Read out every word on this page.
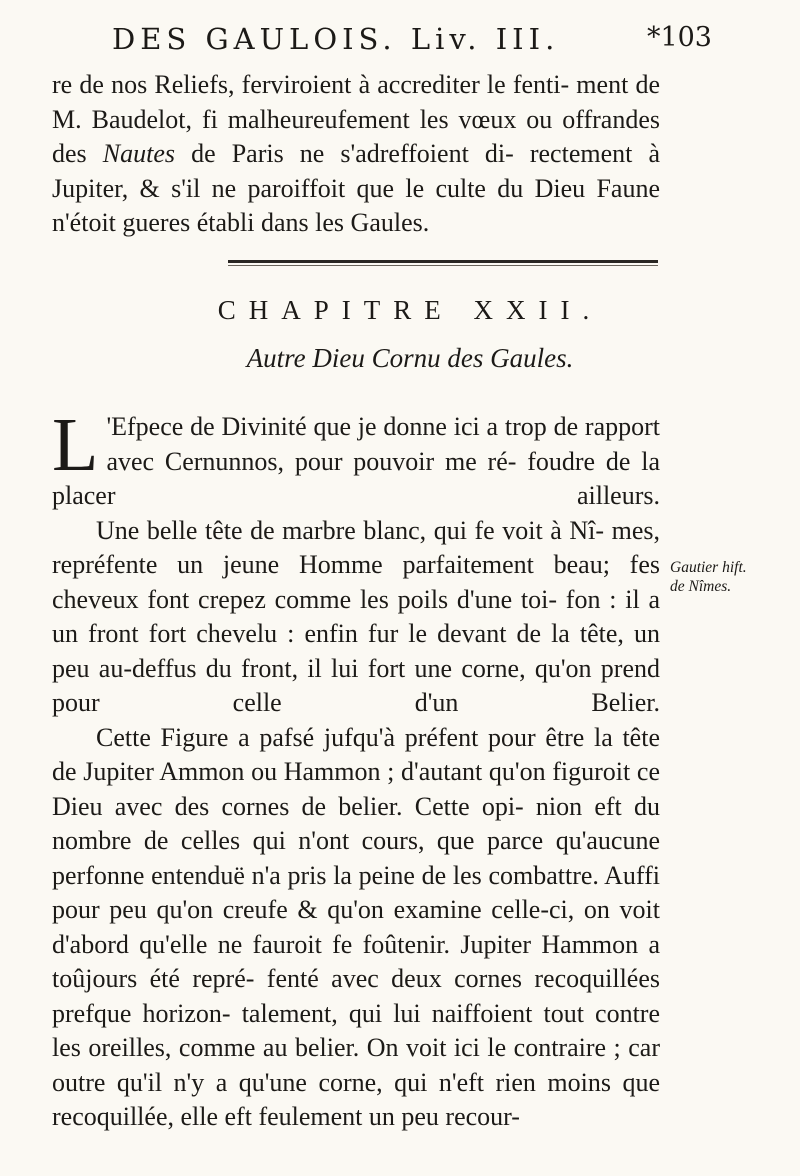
DES GAULOIS. Liv. III.	*103

re de nos Reliefs, ferviroient à accrediter le fenti- ment de M. Baudelot, fi malheureufement les vœux ou offrandes des Nautes de Paris ne s'adreffoient di- rectement à Jupiter, & s'il ne paroiffoit que le culte du Dieu Faune n'étoit gueres établi dans les Gaules.

CHAPITRE XXII.
Autre Dieu Cornu des Gaules.

L 'Efpece de Divinité que je donne ici a trop de rapport avec Cernunnos, pour pouvoir me ré- foudre de la placer ailleurs.

Une belle tête de marbre blanc, qui fe voit à Nî- mes, repréfente un jeune Homme parfaitement beau; fes cheveux font crepez comme les poils d'une toi- fon : il a un front fort chevelu : enfin fur le devant de la tête, un peu au-deffus du front, il lui fort une corne, qu'on prend pour celle d'un Belier.

Cette Figure a pafsé jufqu'à préfent pour être la tête de Jupiter Ammon ou Hammon ; d'autant qu'on figuroit ce Dieu avec des cornes de belier. Cette opi- nion eft du nombre de celles qui n'ont cours, que parce qu'aucune perfonne entenduë n'a pris la peine de les combattre. Auffi pour peu qu'on creufe & qu'on examine celle-ci, on voit d'abord qu'elle ne fauroit fe foûtenir. Jupiter Hammon a toûjours été repré- fenté avec deux cornes recoquillées prefque horizon- talement, qui lui naiffoient tout contre les oreilles, comme au belier. On voit ici le contraire ; car outre qu'il n'y a qu'une corne, qui n'eft rien moins que recoquillée, elle eft feulement un peu recour-

Gautier hift.
de Nîmes.
